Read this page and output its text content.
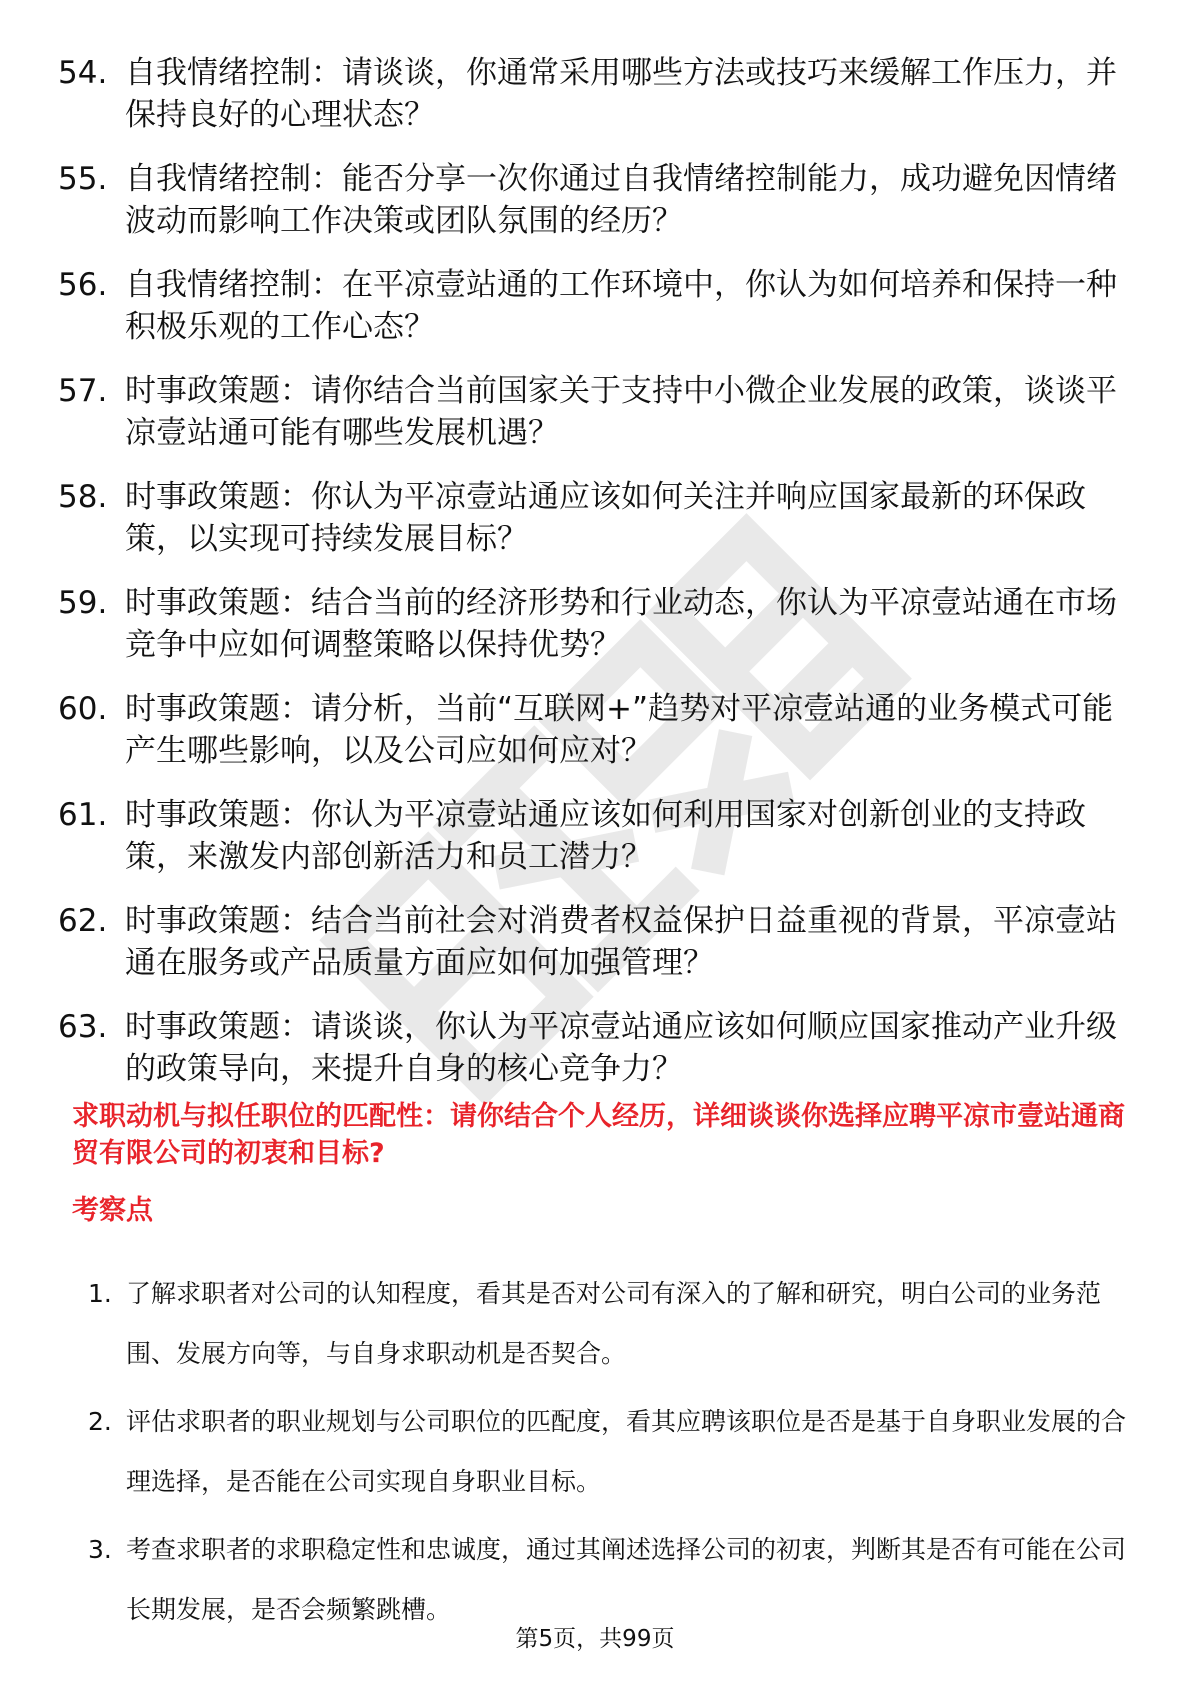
54. 自我情绪控制：请谈谈，你通常采用哪些方法或技巧来缓解工作压力，并保持良好的心理状态？
55. 自我情绪控制：能否分享一次你通过自我情绪控制能力，成功避免因情绪波动而影响工作决策或团队氛围的经历？
56. 自我情绪控制：在平凉壹站通的工作环境中，你认为如何培养和保持一种积极乐观的工作心态？
57. 时事政策题：请你结合当前国家关于支持中小微企业发展的政策，谈谈平凉壹站通可能有哪些发展机遇？
58. 时事政策题：你认为平凉壹站通应该如何关注并响应国家最新的环保政策，以实现可持续发展目标？
59. 时事政策题：结合当前的经济形势和行业动态，你认为平凉壹站通在市场竞争中应如何调整策略以保持优势？
60. 时事政策题：请分析，当前“互联网+”趋势对平凉壹站通的业务模式可能产生哪些影响，以及公司应如何应对？
61. 时事政策题：你认为平凉壹站通应该如何利用国家对创新创业的支持政策，来激发内部创新活力和员工潜力？
62. 时事政策题：结合当前社会对消费者权益保护日益重视的背景，平凉壹站通在服务或产品质量方面应如何加强管理？
63. 时事政策题：请谈谈，你认为平凉壹站通应该如何顺应国家推动产业升级的政策导向，来提升自身的核心竞争力？
求职动机与拟任职位的匹配性：请你结合个人经历，详细谈谈你选择应聘平凉市壹站通商贸有限公司的初衷和目标?
考察点
1. 了解求职者对公司的认知程度，看其是否对公司有深入的了解和研究，明白公司的业务范围、发展方向等，与自身求职动机是否契合。
2. 评估求职者的职业规划与公司职位的匹配度，看其应聘该职位是否是基于自身职业发展的合理选择，是否能在公司实现自身职业目标。
3. 考查求职者的求职稳定性和忠诚度，通过其阐述选择公司的初衷，判断其是否有可能在公司长期发展，是否会频繁跳槽。
第5页，共99页
